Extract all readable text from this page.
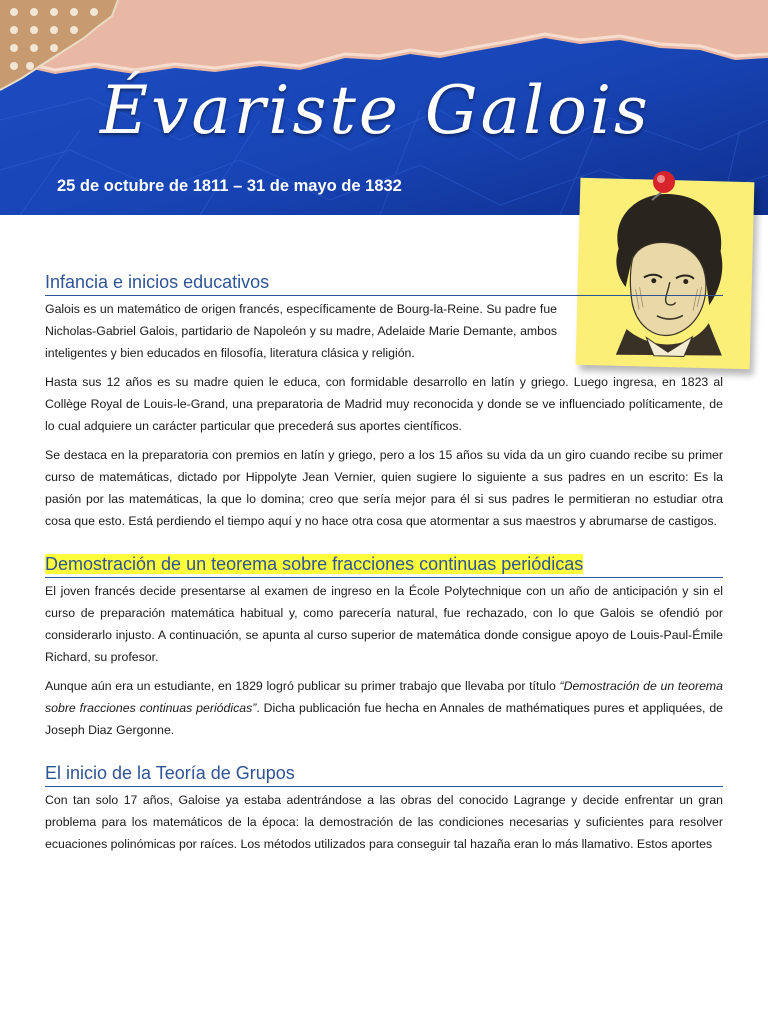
Évariste Galois
25 de octubre de 1811 – 31 de mayo de 1832
Infancia e inicios educativos

Galois es un matemático de origen francés, específicamente de Bourg-la-Reine. Su padre fue Nicholas-Gabriel Galois, partidario de Napoleón y su madre, Adelaide Marie Demante, ambos inteligentes y bien educados en filosofía, literatura clásica y religión.

Hasta sus 12 años es su madre quien le educa, con formidable desarrollo en latín y griego. Luego ingresa, en 1823 al Collège Royal de Louis-le-Grand, una preparatoria de Madrid muy reconocida y donde se ve influenciado políticamente, de lo cual adquiere un carácter particular que precederá sus aportes científicos.

Se destaca en la preparatoria con premios en latín y griego, pero a los 15 años su vida da un giro cuando recibe su primer curso de matemáticas, dictado por Hippolyte Jean Vernier, quien sugiere lo siguiente a sus padres en un escrito: Es la pasión por las matemáticas, la que lo domina; creo que sería mejor para él si sus padres le permitieran no estudiar otra cosa que esto. Está perdiendo el tiempo aquí y no hace otra cosa que atormentar a sus maestros y abrumarse de castigos.

Demostración de un teorema sobre fracciones continuas periódicas

El joven francés decide presentarse al examen de ingreso en la École Polytechnique con un año de anticipación y sin el curso de preparación matemática habitual y, como parecería natural, fue rechazado, con lo que Galois se ofendió por considerarlo injusto. A continuación, se apunta al curso superior de matemática donde consigue apoyo de Louis-Paul-Émile Richard, su profesor.

Aunque aún era un estudiante, en 1829 logró publicar su primer trabajo que llevaba por título “Demostración de un teorema sobre fracciones continuas periódicas”. Dicha publicación fue hecha en Annales de mathématiques pures et appliquées, de Joseph Diaz Gergonne.

El inicio de la Teoría de Grupos

Con tan solo 17 años, Galoise ya estaba adentrándose a las obras del conocido Lagrange y decide enfrentar un gran problema para los matemáticos de la época: la demostración de las condiciones necesarias y suficientes para resolver ecuaciones polinómicas por raíces. Los métodos utilizados para conseguir tal hazaña eran lo más llamativo. Estos aportes
